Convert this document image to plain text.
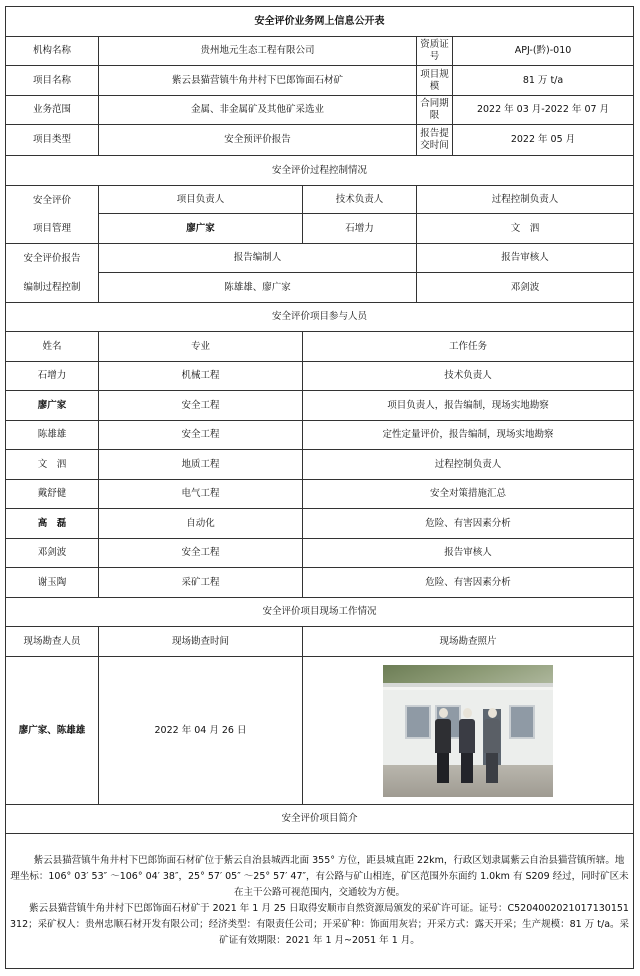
安全评价业务网上信息公开表				
机构名称	贵州地元生态工程有限公司		资质证号	APJ-(黔)-010
项目名称	紫云县猫营镇牛角井村下巴郎饰面石材矿		项目规模	81 万 t/a
业务范围	金属、非金属矿及其他矿采选业		合同期限	2022 年 03 月-2022 年 07 月
项目类型	安全预评价报告		报告提交时间	2022 年 05 月
安全评价过程控制情况				

安全评价
项目管理	项目负责人	技术负责人	过程控制负责人	
	廖广家	石增力	文　泗	

安全评价报告
编制过程控制	报告编制人		报告审核人	
	陈雄雄、廖广家		邓剑波	
安全评价项目参与人员				
姓名	专业	工作任务		
石增力	机械工程	技术负责人		
廖广家	安全工程	项目负责人，报告编制，现场实地勘察		
陈雄雄	安全工程	定性定量评价，报告编制，现场实地勘察		
文　泗	地质工程	过程控制负责人		
戴舒健	电气工程	安全对策措施汇总		
高　磊	自动化	危险、有害因素分析		
邓剑波	安全工程	报告审核人		
谢玉陶	采矿工程	危险、有害因素分析		
安全评价项目现场工作情况				
现场勘查人员	现场勘查时间	现场勘查照片		
廖广家、陈雄雄	2022 年 04 月 26 日			

安全评价项目简介				

紫云县猫营镇牛角井村下巴郎饰面石材矿位于紫云自治县城西北面 355° 方位，距县城直距 22km，行政区划隶属紫云自治县猫营镇所辖。地理坐标：106° 03′ 53″ ～106° 04′ 38″，25° 57′ 05″ ～25° 57′ 47″，有公路与矿山相连，矿区范围外东面约 1.0km 有 S209 经过，同时矿区未在主干公路可视范围内，交通较为方便。

紫云县猫营镇牛角井村下巴郎饰面石材矿于 2021 年 1 月 25 日取得安顺市自然资源局颁发的采矿许可证。证号：C5204002021017130151312；采矿权人：贵州忠顺石材开发有限公司；经济类型：有限责任公司；开采矿种：饰面用灰岩；开采方式：露天开采；生产规模：81 万 t/a。采矿证有效期限：2021 年 1 月~2051 年 1 月。				
